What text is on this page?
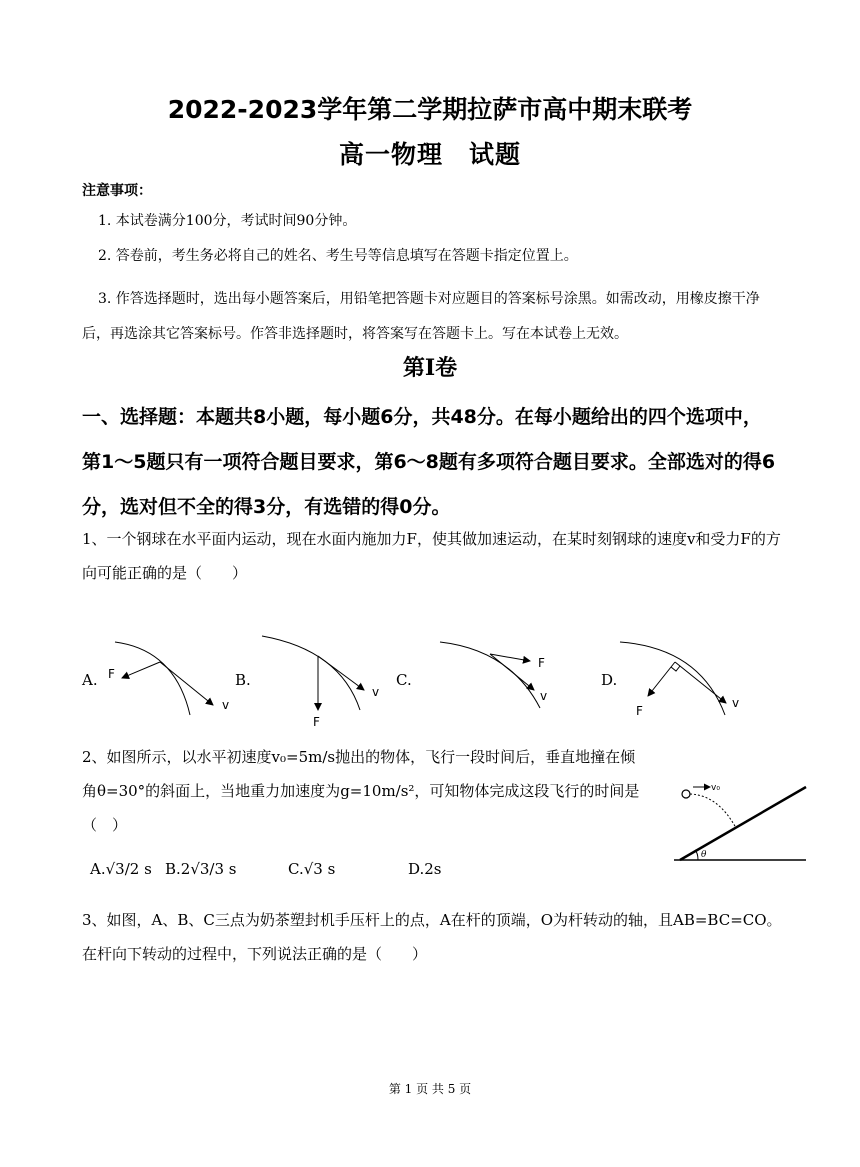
2022-2023学年第二学期拉萨市高中期末联考
高一物理　试题
注意事项：
1. 本试卷满分100分，考试时间90分钟。
2. 答卷前，考生务必将自己的姓名、考生号等信息填写在答题卡指定位置上。
3. 作答选择题时，选出每小题答案后，用铅笔把答题卡对应题目的答案标号涂黑。如需改动，用橡皮擦干净后，再选涂其它答案标号。作答非选择题时，将答案写在答题卡上。写在本试卷上无效。
第Ⅰ卷
一、选择题：本题共8小题，每小题6分，共48分。在每小题给出的四个选项中，第1～5题只有一项符合题目要求，第6～8题有多项符合题目要求。全部选对的得6分，选对但不全的得3分，有选错的得0分。
1、一个钢球在水平面内运动，现在水面内施加力F，使其做加速运动，在某时刻钢球的速度v和受力F的方向可能正确的是（　　）
A.	B.	C.	D.
F
v
F
v
F
v
F
v
2、如图所示，以水平初速度v₀=5m/s抛出的物体，飞行一段时间后，垂直地撞在倾角θ=30°的斜面上，当地重力加速度为g=10m/s²，可知物体完成这段飞行的时间是（　）
A.√3/2 s B.2√3/3 s	C.√3 s	D.2s
v₀
θ
3、如图，A、B、C三点为奶茶塑封机手压杆上的点，A在杆的顶端，O为杆转动的轴，且AB=BC=CO。在杆向下转动的过程中，下列说法正确的是（　　）
第 1 页 共 5 页
